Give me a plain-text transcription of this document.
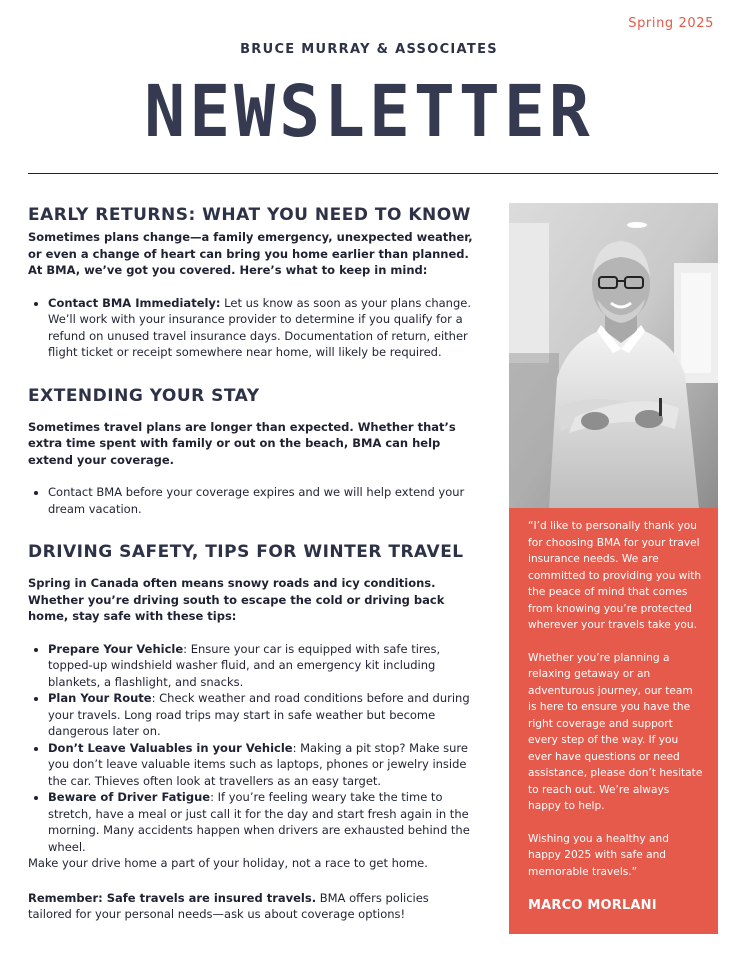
Spring 2025
BRUCE MURRAY & ASSOCIATES
NEWSLETTER
EARLY RETURNS: WHAT YOU NEED TO KNOW

Sometimes plans change—a family emergency, unexpected weather, or even a change of heart can bring you home earlier than planned. At BMA, we’ve got you covered. Here’s what to keep in mind:

• Contact BMA Immediately: Let us know as soon as your plans change. We’ll work with your insurance provider to determine if you qualify for a refund on unused travel insurance days. Documentation of return, either flight ticket or receipt somewhere near home, will likely be required.
EXTENDING YOUR STAY

Sometimes travel plans are longer than expected. Whether that’s extra time spent with family or out on the beach, BMA can help extend your coverage.

• Contact BMA before your coverage expires and we will help extend your dream vacation.
DRIVING SAFETY, TIPS FOR WINTER TRAVEL

Spring in Canada often means snowy roads and icy conditions. Whether you’re driving south to escape the cold or driving back home, stay safe with these tips:

• Prepare Your Vehicle: Ensure your car is equipped with safe tires, topped-up windshield washer fluid, and an emergency kit including blankets, a flashlight, and snacks.
• Plan Your Route: Check weather and road conditions before and during your travels. Long road trips may start in safe weather but become dangerous later on.
• Don’t Leave Valuables in your Vehicle: Making a pit stop? Make sure you don’t leave valuable items such as laptops, phones or jewelry inside the car. Thieves often look at travellers as an easy target.
• Beware of Driver Fatigue: If you’re feeling weary take the time to stretch, have a meal or just call it for the day and start fresh again in the morning. Many accidents happen when drivers are exhausted behind the wheel.

Make your drive home a part of your holiday, not a race to get home.

Remember: Safe travels are insured travels. BMA offers policies tailored for your personal needs—ask us about coverage options!

“I’d like to personally thank you for choosing BMA for your travel insurance needs. We are committed to providing you with the peace of mind that comes from knowing you’re protected wherever your travels take you.

Whether you’re planning a relaxing getaway or an adventurous journey, our team is here to ensure you have the right coverage and support every step of the way. If you ever have questions or need assistance, please don’t hesitate to reach out. We’re always happy to help.

Wishing you a healthy and happy 2025 with safe and memorable travels.”

MARCO MORLANI
